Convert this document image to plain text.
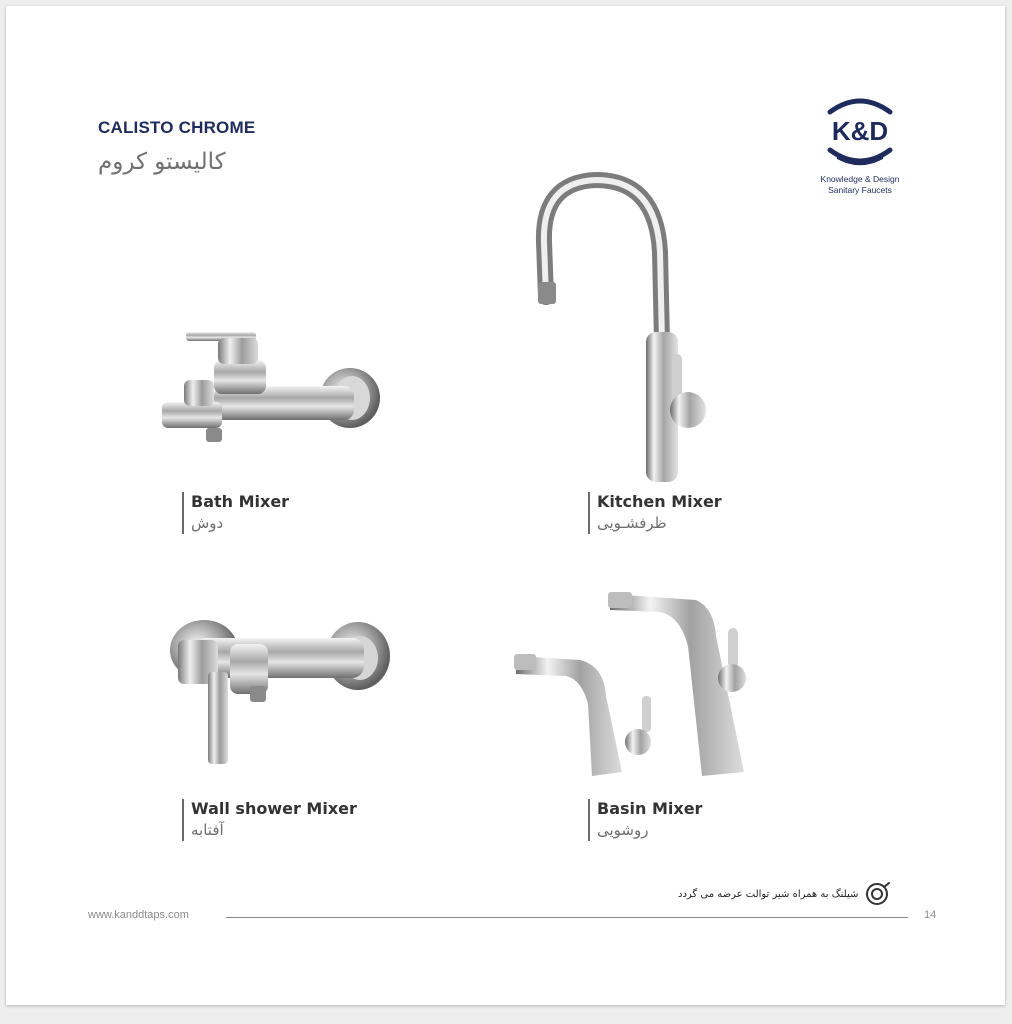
CALISTO CHROME
کالیستو کروم
K&D
Knowledge & Design
Sanitary Faucets
Bath Mixer
دوش
Kitchen Mixer
ظرفشـویی
Wall shower Mixer
آفتابه
Basin Mixer
روشویی
شیلنگ به همراه شیر توالت عرضه می گردد
www.kanddtaps.com	14
